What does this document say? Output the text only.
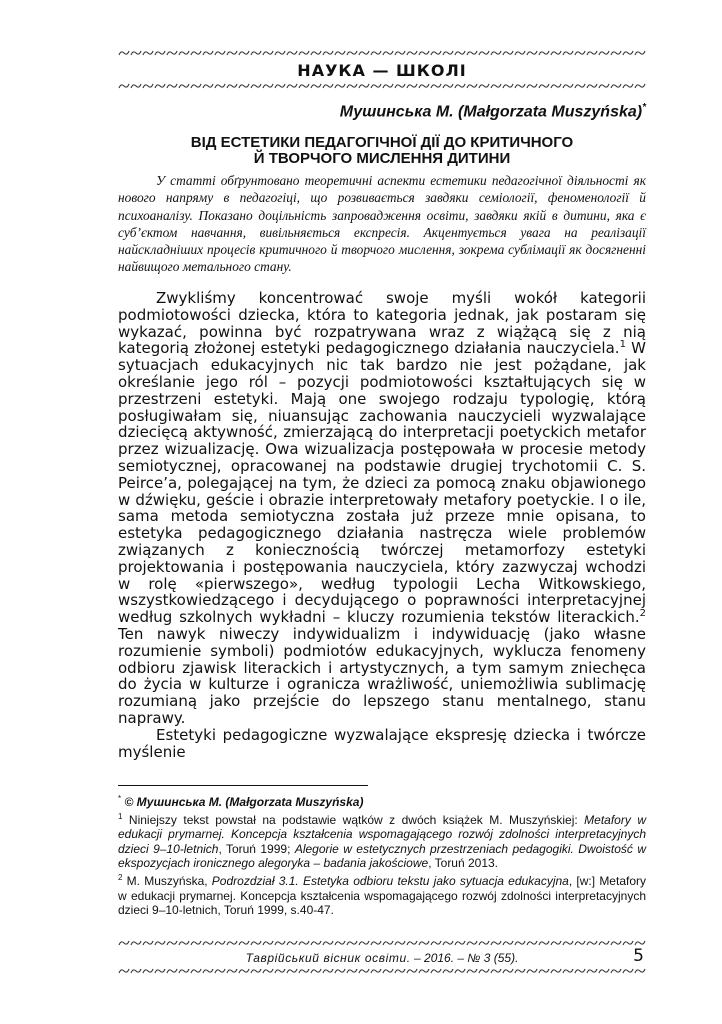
НАУКА — ШКОЛІ
Мушинська М. (Małgorzata Muszyńska)*
ВІД ЕСТЕТИКИ ПЕДАГОГІЧНОЇ ДІЇ ДО КРИТИЧНОГО
Й ТВОРЧОГО МИСЛЕННЯ ДИТИНИ
У статті обґрунтовано теоретичні аспекти естетики педагогічної діяльності як нового напряму в педагогіці, що розвивається завдяки семіології, феноменології й психоаналізу. Показано доцільність запровадження освіти, завдяки якій в дитини, яка є суб’єктом навчання, вивільняється експресія. Акцентується увага на реалізації найскладніших процесів критичного й творчого мислення, зокрема сублімації як досягненні найвищого метального стану.

Zwykliśmy koncentrować swoje myśli wokół kategorii podmiotowości dziecka, która to kategoria jednak, jak postaram się wykazać, powinna być rozpatrywana wraz z wiążącą się z nią kategorią złożonej estetyki pedagogicznego działania nauczyciela.$^1$ W sytuacjach edukacyjnych nic tak bardzo nie jest pożądane, jak określanie jego ról – pozycji podmiotowości kształtujących się w przestrzeni estetyki. Mają one swojego rodzaju typologię, którą posługiwałam się, niuansując zachowania nauczycieli wyzwalające dziecięcą aktywność, zmierzającą do interpretacji poetyckich metafor przez wizualizację. Owa wizualizacja postępowała w procesie metody semiotycznej, opracowanej na podstawie drugiej trychotomii C. S. Peirce’a, polegającej na tym, że dzieci za pomocą znaku objawionego w dźwięku, geście i obrazie interpretowały metafory poetyckie. I o ile, sama metoda semiotyczna została już przeze mnie opisana, to estetyka pedagogicznego działania nastręcza wiele problemów związanych z koniecznością twórczej metamorfozy estetyki projektowania i postępowania nauczyciela, który zazwyczaj wchodzi w rolę «pierwszego», według typologii Lecha Witkowskiego, wszystkowiedzącego i decydującego o poprawności interpretacyjnej według szkolnych wykładni – kluczy rozumienia tekstów literackich.$^2$ Ten nawyk niweczy indywidualizm i indywiduację (jako własne rozumienie symboli) podmiotów edukacyjnych, wyklucza fenomeny odbioru zjawisk literackich i artystycznych, a tym samym zniechęca do życia w kulturze i ogranicza wrażliwość, uniemożliwia sublimację rozumianą jako przejście do lepszego stanu mentalnego, stanu naprawy.

Estetyki pedagogiczne wyzwalające ekspresję dziecka i twórcze myślenie

* © Мушинська М. (Małgorzata Muszyńska)

$^1$ Niniejszy tekst powstał na podstawie wątków z dwóch książek M. Muszyńskiej: Metafory w edukacji prymarnej. Koncepcja kształcenia wspomagającego rozwój zdolności interpretacyjnych dzieci 9–10-letnich, Toruń 1999; Alegorie w estetycznych przestrzeniach pedagogiki. Dwoistość w ekspozycjach ironicznego alegoryka – badania jakościowe, Toruń 2013.

$^2$ M. Muszyńska, Podrozdział 3.1. Estetyka odbioru tekstu jako sytuacja edukacyjna, [w:] Metafory w edukacji prymarnej. Koncepcja kształcenia wspomagającego rozwój zdolności interpretacyjnych dzieci 9–10-letnich, Toruń 1999, s.40-47.

Таврійський вісник освіти. – 2016. – № 3 (55).	5
